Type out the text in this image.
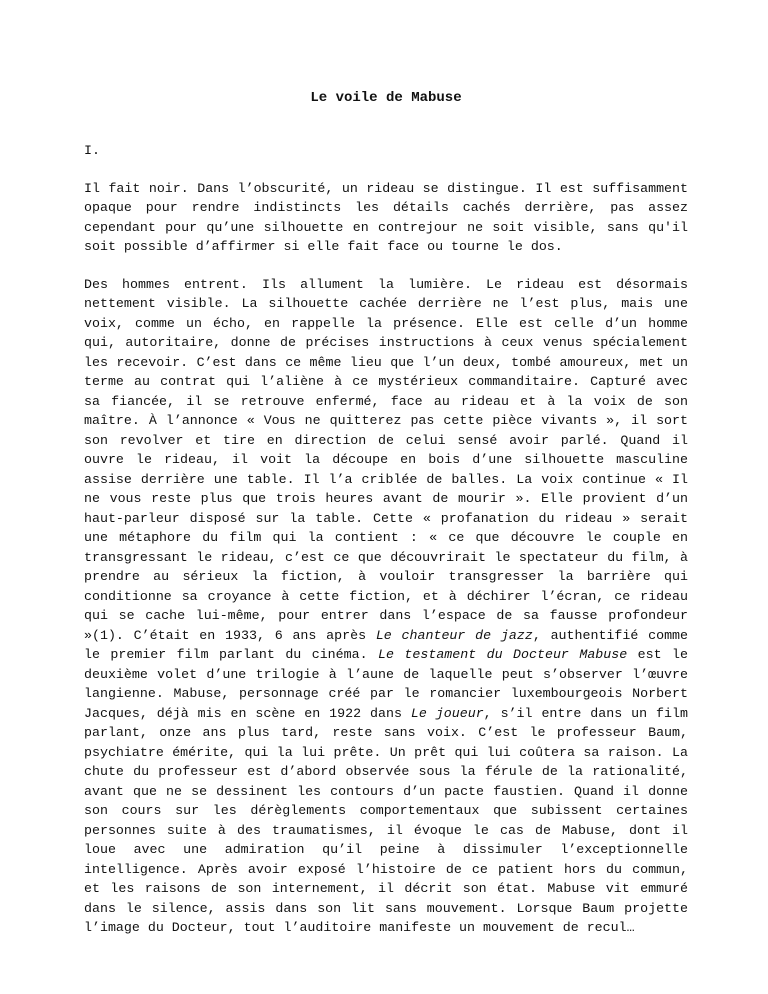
Le voile de Mabuse
I.

Il fait noir. Dans l’obscurité, un rideau se distingue. Il est suffisamment opaque pour rendre indistincts les détails cachés derrière, pas assez cependant pour qu’une silhouette en contrejour ne soit visible, sans qu'il soit possible d’affirmer si elle fait face ou tourne le dos.

Des hommes entrent. Ils allument la lumière. Le rideau est désormais nettement visible. La silhouette cachée derrière ne l’est plus, mais une voix, comme un écho, en rappelle la présence. Elle est celle d’un homme qui, autoritaire, donne de précises instructions à ceux venus spécialement les recevoir. C’est dans ce même lieu que l’un deux, tombé amoureux, met un terme au contrat qui l’aliène à ce mystérieux commanditaire. Capturé avec sa fiancée, il se retrouve enfermé, face au rideau et à la voix de son maître. À l’annonce « Vous ne quitterez pas cette pièce vivants », il sort son revolver et tire en direction de celui sensé avoir parlé. Quand il ouvre le rideau, il voit la découpe en bois d’une silhouette masculine assise derrière une table. Il l’a criblée de balles. La voix continue « Il ne vous reste plus que trois heures avant de mourir ». Elle provient d’un haut-parleur disposé sur la table. Cette « profanation du rideau » serait une métaphore du film qui la contient : « ce que découvre le couple en transgressant le rideau, c’est ce que découvrirait le spectateur du film, à prendre au sérieux la fiction, à vouloir transgresser la barrière qui conditionne sa croyance à cette fiction, et à déchirer l’écran, ce rideau qui se cache lui-même, pour entrer dans l’espace de sa fausse profondeur »(1). C’était en 1933, 6 ans après Le chanteur de jazz, authentifié comme le premier film parlant du cinéma. Le testament du Docteur Mabuse est le deuxième volet d’une trilogie à l’aune de laquelle peut s’observer l’œuvre langienne. Mabuse, personnage créé par le romancier luxembourgeois Norbert Jacques, déjà mis en scène en 1922 dans Le joueur, s’il entre dans un film parlant, onze ans plus tard, reste sans voix. C’est le professeur Baum, psychiatre émérite, qui la lui prête. Un prêt qui lui coûtera sa raison. La chute du professeur est d’abord observée sous la férule de la rationalité, avant que ne se dessinent les contours d’un pacte faustien. Quand il donne son cours sur les dérèglements comportementaux que subissent certaines personnes suite à des traumatismes, il évoque le cas de Mabuse, dont il loue avec une admiration qu’il peine à dissimuler l’exceptionnelle intelligence. Après avoir exposé l’histoire de ce patient hors du commun, et les raisons de son internement, il décrit son état. Mabuse vit emmuré dans le silence, assis dans son lit sans mouvement. Lorsque Baum projette l’image du Docteur, tout l’auditoire manifeste un mouvement de recul…
